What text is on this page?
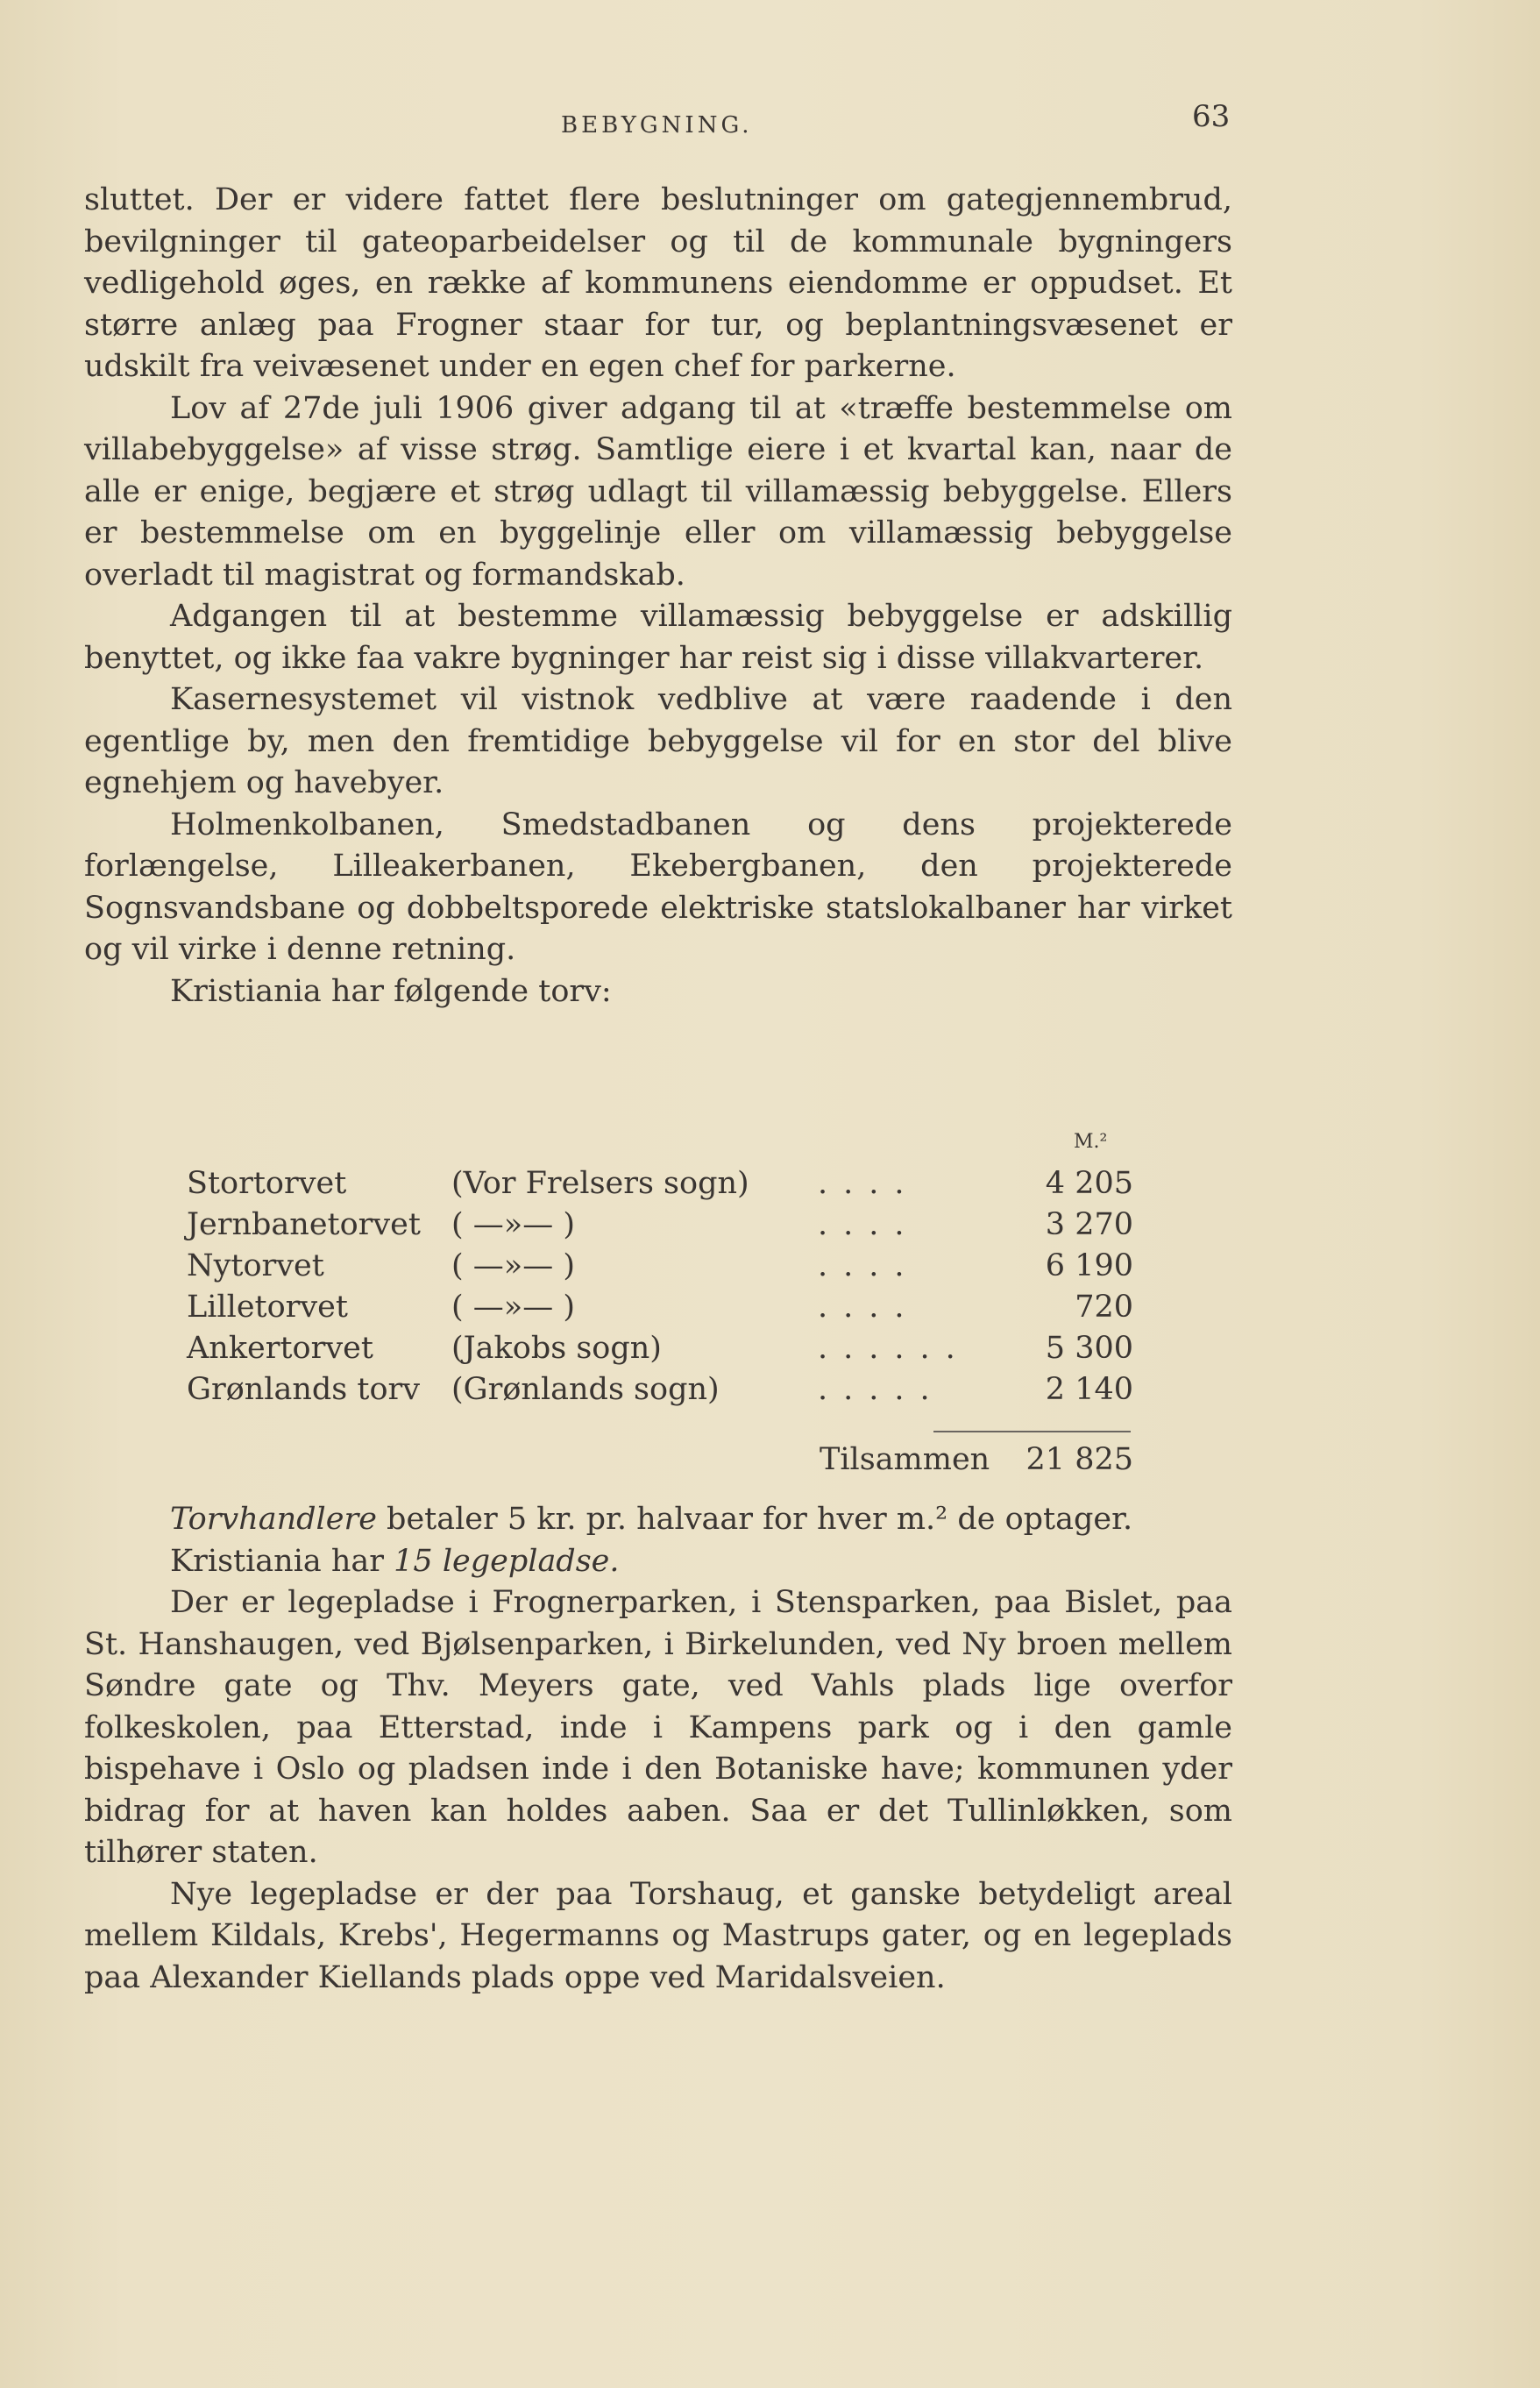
BEBYGNING.	63

sluttet. Der er videre fattet flere beslutninger om gategjennembrud, bevilgninger til gateoparbeidelser og til de kommunale bygningers vedligehold øges, en række af kommunens eiendomme er oppudset. Et større anlæg paa Frogner staar for tur, og beplantningsvæsenet er udskilt fra veivæsenet under en egen chef for parkerne.

Lov af 27de juli 1906 giver adgang til at «træffe bestemmelse om villabebyggelse» af visse strøg. Samtlige eiere i et kvartal kan, naar de alle er enige, begjære et strøg udlagt til villamæssig bebyggelse. Ellers er bestemmelse om en byggelinje eller om villamæssig bebyggelse overladt til magistrat og formandskab.

Adgangen til at bestemme villamæssig bebyggelse er adskillig benyttet, og ikke faa vakre bygninger har reist sig i disse villakvarterer.

Kasernesystemet vil vistnok vedblive at være raadende i den egentlige by, men den fremtidige bebyggelse vil for en stor del blive egnehjem og havebyer.

Holmenkolbanen, Smedstadbanen og dens projekterede forlængelse, Lilleakerbanen, Ekebergbanen, den projekterede Sognsvandsbane og dobbeltsporede elektriske statslokalbaner har virket og vil virke i denne retning.

Kristiania har følgende torv:

M.²
Stortorvet	(Vor Frelsers sogn) ....	4 205
Jernbanetorvet ( —»— )	....	3 270
Nytorvet	( —»— )	....	6 190
Lilletorvet	( —»— )	....	720
Ankertorvet	(Jakobs sogn)	...... 5 300
Grønlands torv (Grønlands sogn)	.....	2 140
Tilsammen 21 825

Torvhandlere betaler 5 kr. pr. halvaar for hver m.² de optager.

Kristiania har 15 legepladse.

Der er legepladse i Frognerparken, i Stensparken, paa Bislet, paa St. Hanshaugen, ved Bjølsenparken, i Birkelunden, ved Ny broen mellem Søndre gate og Thv. Meyers gate, ved Vahls plads lige overfor folkeskolen, paa Etterstad, inde i Kampens park og i den gamle bispehave i Oslo og pladsen inde i den Botaniske have; kommunen yder bidrag for at haven kan holdes aaben. Saa er det Tullinløkken, som tilhører staten.

Nye legepladse er der paa Torshaug, et ganske betydeligt areal mellem Kildals, Krebs', Hegermanns og Mastrups gater, og en legeplads paa Alexander Kiellands plads oppe ved Maridalsveien.
